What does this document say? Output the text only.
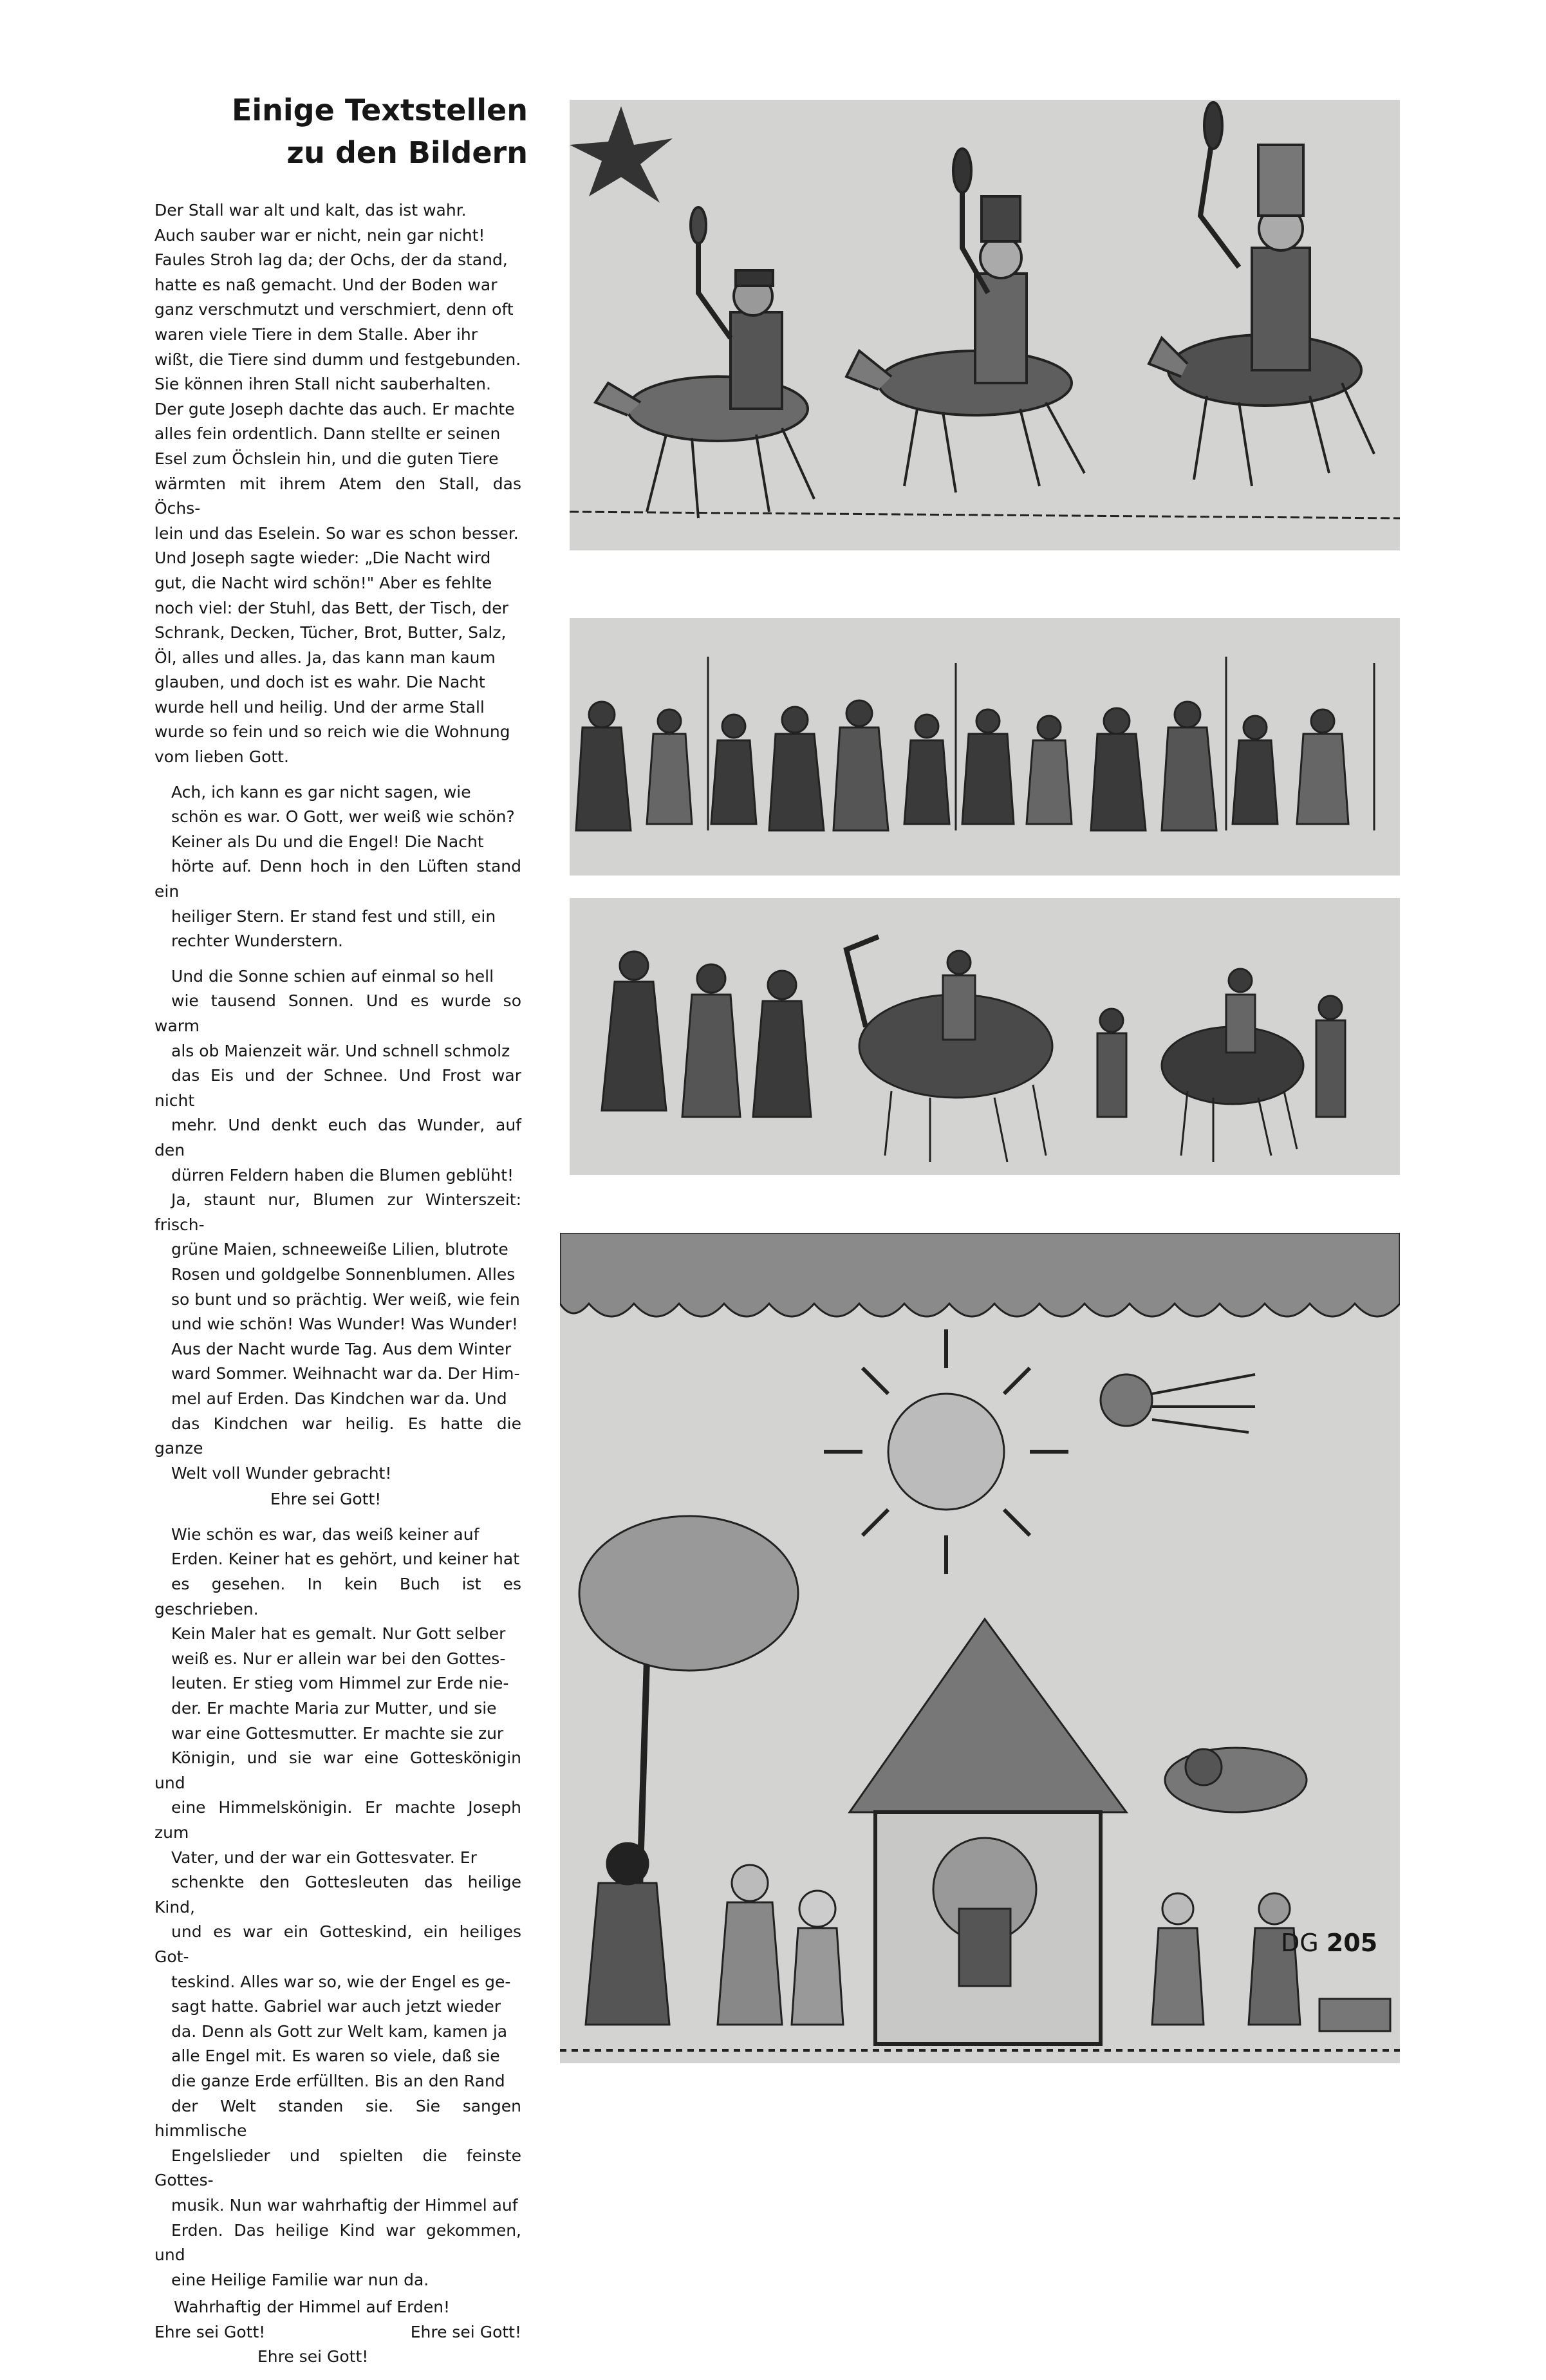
Einige Textstellen
zu den Bildern
Der Stall war alt und kalt, das ist wahr.
Auch sauber war er nicht, nein gar nicht!
Faules Stroh lag da; der Ochs, der da stand,
hatte es naß gemacht. Und der Boden war
ganz verschmutzt und verschmiert, denn oft
waren viele Tiere in dem Stalle. Aber ihr
wißt, die Tiere sind dumm und festgebunden.
Sie können ihren Stall nicht sauberhalten.
Der gute Joseph dachte das auch. Er machte
alles fein ordentlich. Dann stellte er seinen
Esel zum Öchslein hin, und die guten Tiere
wärmten mit ihrem Atem den Stall, das Öchs-
lein und das Eselein. So war es schon besser.
Und Joseph sagte wieder: „Die Nacht wird
gut, die Nacht wird schön!" Aber es fehlte
noch viel: der Stuhl, das Bett, der Tisch, der
Schrank, Decken, Tücher, Brot, Butter, Salz,
Öl, alles und alles. Ja, das kann man kaum
glauben, und doch ist es wahr. Die Nacht
wurde hell und heilig. Und der arme Stall
wurde so fein und so reich wie die Wohnung
vom lieben Gott.
Ach, ich kann es gar nicht sagen, wie
schön es war. O Gott, wer weiß wie schön?
Keiner als Du und die Engel! Die Nacht
hörte auf. Denn hoch in den Lüften stand ein
heiliger Stern. Er stand fest und still, ein
rechter Wunderstern.
Und die Sonne schien auf einmal so hell
wie tausend Sonnen. Und es wurde so warm
als ob Maienzeit wär. Und schnell schmolz
das Eis und der Schnee. Und Frost war nicht
mehr. Und denkt euch das Wunder, auf den
dürren Feldern haben die Blumen geblüht!
Ja, staunt nur, Blumen zur Winterszeit: frisch-
grüne Maien, schneeweiße Lilien, blutrote
Rosen und goldgelbe Sonnenblumen. Alles
so bunt und so prächtig. Wer weiß, wie fein
und wie schön! Was Wunder! Was Wunder!
Aus der Nacht wurde Tag. Aus dem Winter
ward Sommer. Weihnacht war da. Der Him-
mel auf Erden. Das Kindchen war da. Und
das Kindchen war heilig. Es hatte die ganze
Welt voll Wunder gebracht!
Ehre sei Gott!
Wie schön es war, das weiß keiner auf
Erden. Keiner hat es gehört, und keiner hat
es gesehen. In kein Buch ist es geschrieben.
Kein Maler hat es gemalt. Nur Gott selber
weiß es. Nur er allein war bei den Gottes-
leuten. Er stieg vom Himmel zur Erde nie-
der. Er machte Maria zur Mutter, und sie
war eine Gottesmutter. Er machte sie zur
Königin, und sie war eine Gotteskönigin und
eine Himmelskönigin. Er machte Joseph zum
Vater, und der war ein Gottesvater. Er
schenkte den Gottesleuten das heilige Kind,
und es war ein Gotteskind, ein heiliges Got-
teskind. Alles war so, wie der Engel es ge-
sagt hatte. Gabriel war auch jetzt wieder
da. Denn als Gott zur Welt kam, kamen ja
alle Engel mit. Es waren so viele, daß sie
die ganze Erde erfüllten. Bis an den Rand
der Welt standen sie. Sie sangen himmlische
Engelslieder und spielten die feinste Gottes-
musik. Nun war wahrhaftig der Himmel auf
Erden. Das heilige Kind war gekommen, und
eine Heilige Familie war nun da.
Wahrhaftig der Himmel auf Erden!
Ehre sei Gott!	Ehre sei Gott!
Ehre sei Gott!
DG 205
